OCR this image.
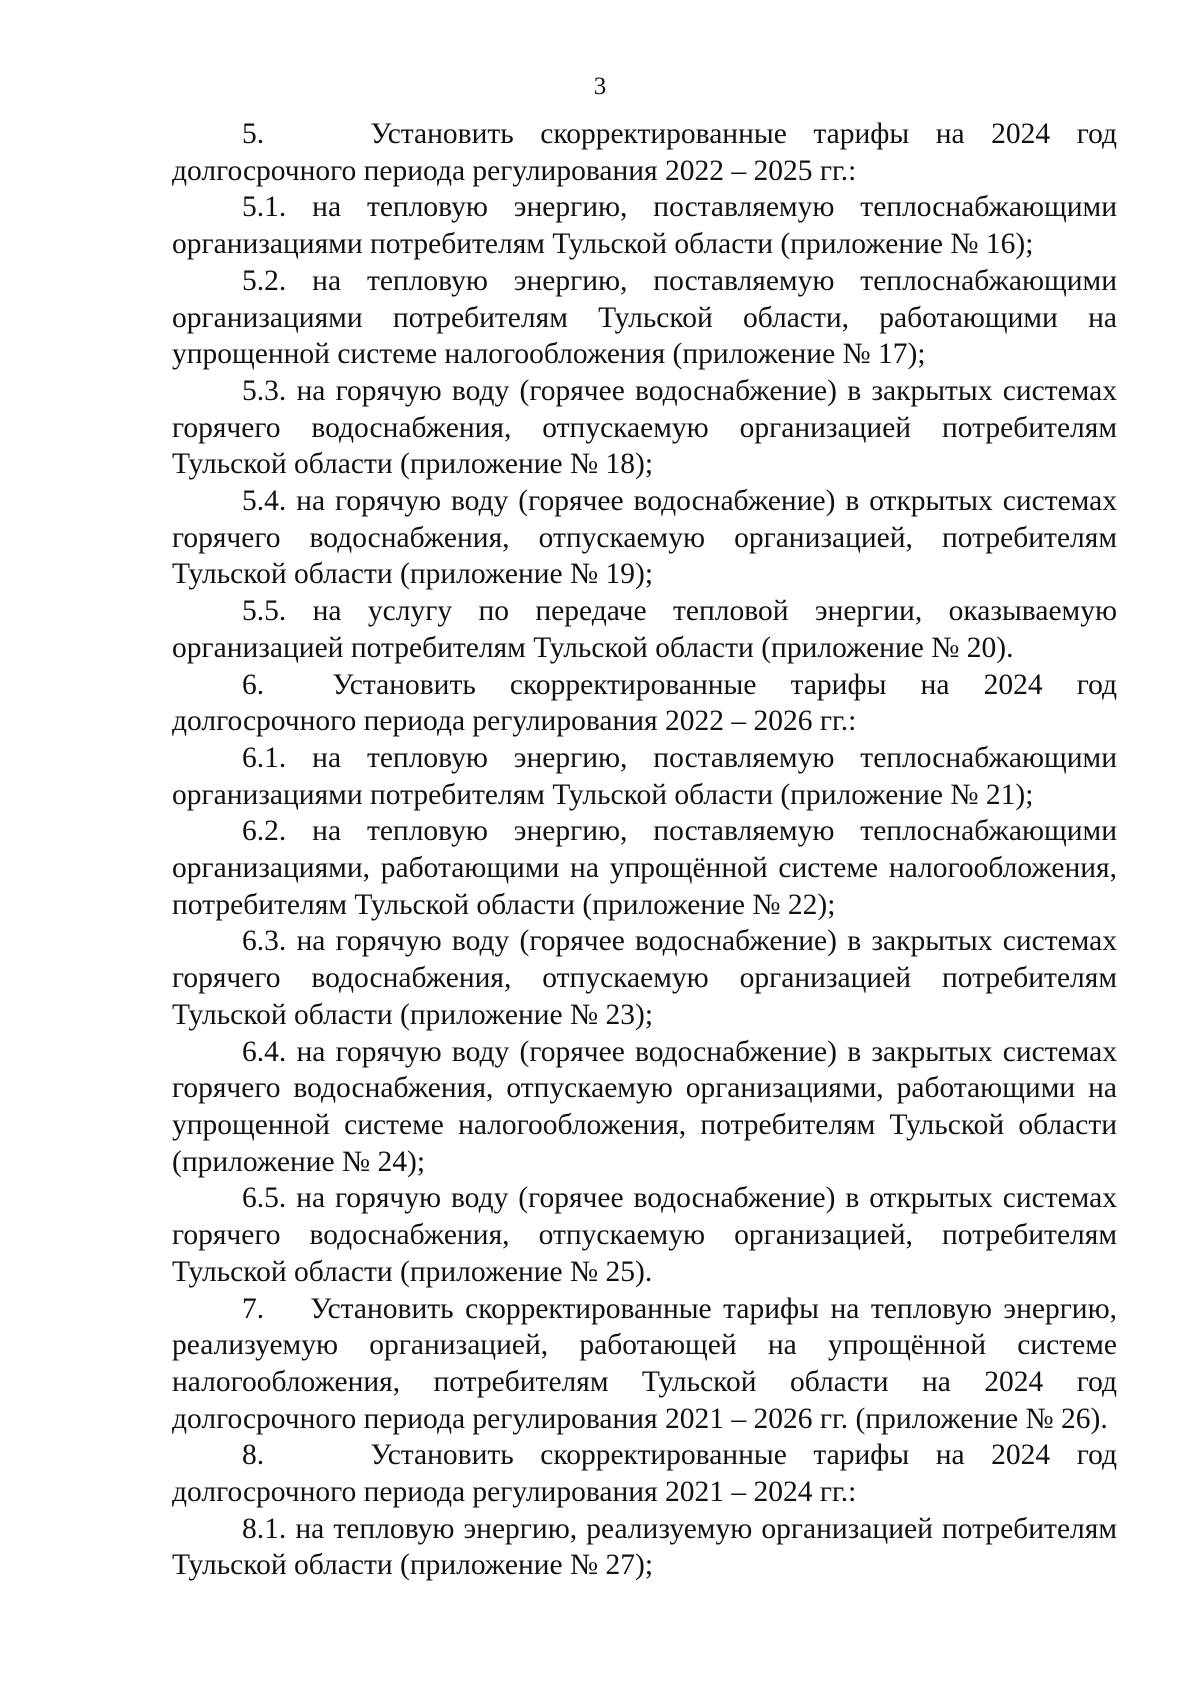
3

5.    Установить скорректированные тарифы на 2024 год долгосрочного периода регулирования 2022 – 2025 гг.:

5.1. на тепловую энергию, поставляемую теплоснабжающими организациями потребителям Тульской области (приложение № 16);

5.2. на тепловую энергию, поставляемую теплоснабжающими организациями потребителям Тульской области, работающими на упрощенной системе налогообложения (приложение № 17);

5.3. на горячую воду (горячее водоснабжение) в закрытых системах горячего водоснабжения, отпускаемую организацией потребителям Тульской области (приложение № 18);

5.4. на горячую воду (горячее водоснабжение) в открытых системах горячего водоснабжения, отпускаемую организацией, потребителям Тульской области (приложение № 19);

5.5. на услугу по передаче тепловой энергии, оказываемую организацией потребителям Тульской области (приложение № 20).

6.  Установить скорректированные тарифы на 2024 год долгосрочного периода регулирования 2022 – 2026 гг.:

6.1. на тепловую энергию, поставляемую теплоснабжающими организациями потребителям Тульской области (приложение № 21);

6.2. на тепловую энергию, поставляемую теплоснабжающими организациями, работающими на упрощённой системе налогообложения, потребителям Тульской области (приложение № 22);

6.3. на горячую воду (горячее водоснабжение) в закрытых системах горячего водоснабжения, отпускаемую организацией потребителям Тульской области (приложение № 23);

6.4. на горячую воду (горячее водоснабжение) в закрытых системах горячего водоснабжения, отпускаемую организациями, работающими на упрощенной системе налогообложения, потребителям Тульской области (приложение № 24);

6.5. на горячую воду (горячее водоснабжение) в открытых системах горячего водоснабжения, отпускаемую организацией, потребителям Тульской области (приложение № 25).

7.    Установить скорректированные тарифы на тепловую энергию, реализуемую организацией, работающей на упрощённой системе налогообложения, потребителям Тульской области на 2024 год долгосрочного периода регулирования 2021 – 2026 гг. (приложение № 26).

8.    Установить скорректированные тарифы на 2024 год долгосрочного периода регулирования 2021 – 2024 гг.:

8.1. на тепловую энергию, реализуемую организацией потребителям Тульской области (приложение № 27);
